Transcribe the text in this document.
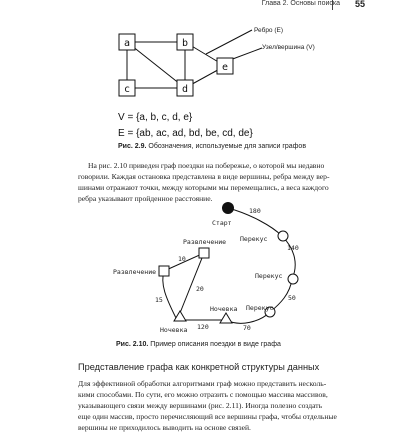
Глава 2. Основы поиска 55
a	b
c	d
e
Ребро (E)
Узел/вершина (V)
V = {a, b, c, d, e}
E = {ab, ac, ad, bd, be, cd, de}
Рис. 2.9. Обозначения, используемые для записи графов
На рис. 2.10 приведен граф поездки на побережье, о которой мы недавно
говорили. Каждая остановка представлена в виде вершины, ребра между вер-
шинами отражают точки, между которыми мы перемещались, а веса каждого
ребра указывают пройденное расстояние.
Старт
Перекус
Перекус
Перекус
Развлечение
Развлечение
Ночевка
Ночевка
180
140
50
70
120
10
20
15
Рис. 2.10. Пример описания поездки в виде графа
Представление графа как конкретной структуры данных
Для эффективной обработки алгоритмами граф можно представить несколь-
кими способами. По сути, его можно отразить с помощью массива массивов,
указывающего связи между вершинами (рис. 2.11). Иногда полезно создать
еще один массив, просто перечисляющий все вершины графа, чтобы отдельные
вершины не приходилось выводить на основе связей.
